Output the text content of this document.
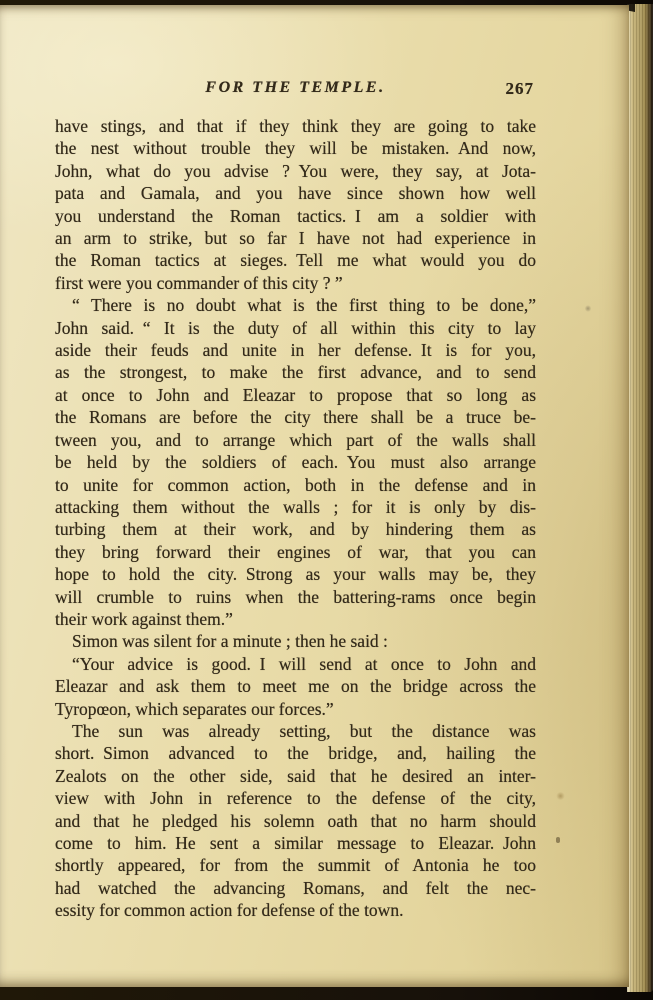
FOR THE TEMPLE.	267
have stings, and that if they think they are going to take
the nest without trouble they will be mistaken. And now,
John, what do you advise ? You were, they say, at Jota-
pata and Gamala, and you have since shown how well
you understand the Roman tactics. I am a soldier with
an arm to strike, but so far I have not had experience in
the Roman tactics at sieges. Tell me what would you do
first were you commander of this city ? ”
“ There is no doubt what is the first thing to be done,”
John said. “ It is the duty of all within this city to lay
aside their feuds and unite in her defense. It is for you,
as the strongest, to make the first advance, and to send
at once to John and Eleazar to propose that so long as
the Romans are before the city there shall be a truce be-
tween you, and to arrange which part of the walls shall
be held by the soldiers of each. You must also arrange
to unite for common action, both in the defense and in
attacking them without the walls ; for it is only by dis-
turbing them at their work, and by hindering them as
they bring forward their engines of war, that you can
hope to hold the city. Strong as your walls may be, they
will crumble to ruins when the battering-rams once begin
their work against them.”
Simon was silent for a minute ; then he said :
“Your advice is good. I will send at once to John and
Eleazar and ask them to meet me on the bridge across the
Tyropœon, which separates our forces.”
The sun was already setting, but the distance was
short. Simon advanced to the bridge, and, hailing the
Zealots on the other side, said that he desired an inter-
view with John in reference to the defense of the city,
and that he pledged his solemn oath that no harm should
come to him. He sent a similar message to Eleazar. John
shortly appeared, for from the summit of Antonia he too
had watched the advancing Romans, and felt the nec-
essity for common action for defense of the town.
